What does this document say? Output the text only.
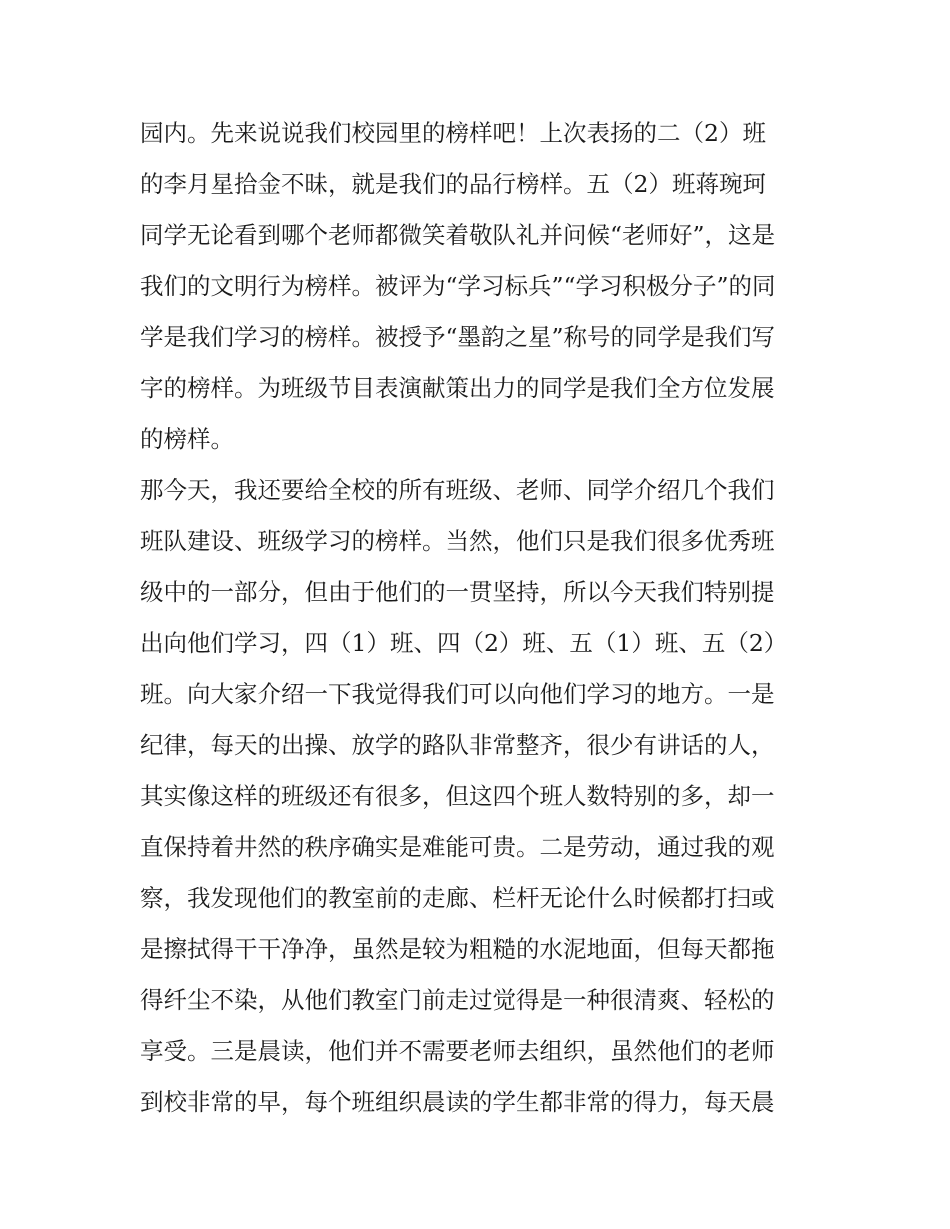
园内。先来说说我们校园里的榜样吧！上次表扬的二（2）班
的李月星拾金不昧，就是我们的品行榜样。五（2）班蒋琬珂
同学无论看到哪个老师都微笑着敬队礼并问候“老师好”，这是
我们的文明行为榜样。被评为“学习标兵”“学习积极分子”的同
学是我们学习的榜样。被授予“墨韵之星”称号的同学是我们写
字的榜样。为班级节目表演献策出力的同学是我们全方位发展
的榜样。
那今天，我还要给全校的所有班级、老师、同学介绍几个我们
班队建设、班级学习的榜样。当然，他们只是我们很多优秀班
级中的一部分，但由于他们的一贯坚持，所以今天我们特别提
出向他们学习，四（1）班、四（2）班、五（1）班、五（2）
班。向大家介绍一下我觉得我们可以向他们学习的地方。一是
纪律，每天的出操、放学的路队非常整齐，很少有讲话的人，
其实像这样的班级还有很多，但这四个班人数特别的多，却一
直保持着井然的秩序确实是难能可贵。二是劳动，通过我的观
察，我发现他们的教室前的走廊、栏杆无论什么时候都打扫或
是擦拭得干干净净，虽然是较为粗糙的水泥地面，但每天都拖
得纤尘不染，从他们教室门前走过觉得是一种很清爽、轻松的
享受。三是晨读，他们并不需要老师去组织，虽然他们的老师
到校非常的早，每个班组织晨读的学生都非常的得力，每天晨
